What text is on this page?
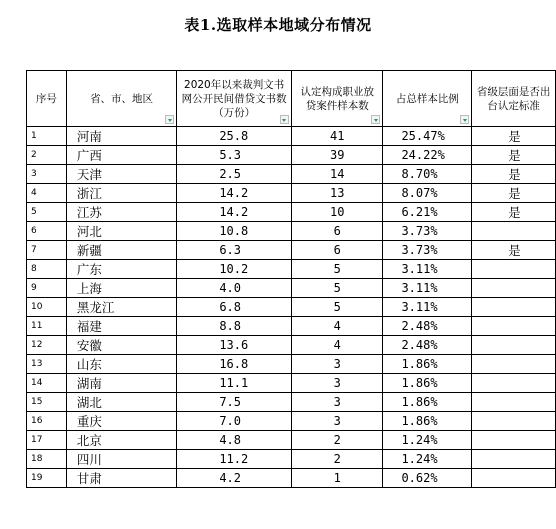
表1.选取样本地域分布情况
序号	省、市、地区	2020年以来裁判文书网公开民间借贷文书数（万份）	认定构成职业放贷案件样本数	占总样本比例	省级层面是否出台认定标准

1	河南	25.8	41	25.47%	是
2	广西	5.3	39	24.22%	是
3	天津	2.5	14	8.70%	是
4	浙江	14.2	13	8.07%	是
5	江苏	14.2	10	6.21%	是
6	河北	10.8	6	3.73%	
7	新疆	6.3	6	3.73%	是
8	广东	10.2	5	3.11%	
9	上海	4.0	5	3.11%	
10	黑龙江	6.8	5	3.11%	
11	福建	8.8	4	2.48%	
12	安徽	13.6	4	2.48%	
13	山东	16.8	3	1.86%	
14	湖南	11.1	3	1.86%	
15	湖北	7.5	3	1.86%	
16	重庆	7.0	3	1.86%	
17	北京	4.8	2	1.24%	
18	四川	11.2	2	1.24%	
19	甘肃	4.2	1	0.62%	
